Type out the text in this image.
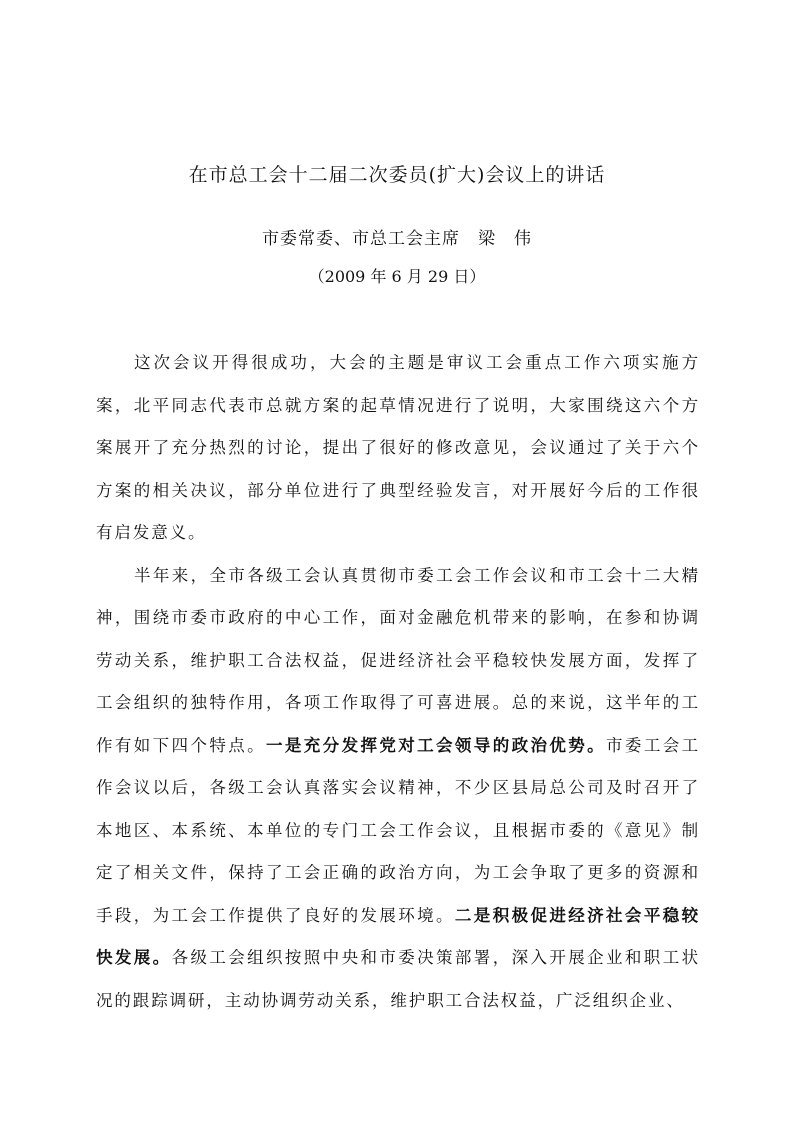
在市总工会十二届二次委员(扩大)会议上的讲话
市委常委、市总工会主席　梁　伟
（2009 年 6 月 29 日）

这次会议开得很成功，大会的主题是审议工会重点工作六项实施方案，北平同志代表市总就方案的起草情况进行了说明，大家围绕这六个方案展开了充分热烈的讨论，提出了很好的修改意见，会议通过了关于六个方案的相关决议，部分单位进行了典型经验发言，对开展好今后的工作很有启发意义。

半年来，全市各级工会认真贯彻市委工会工作会议和市工会十二大精神，围绕市委市政府的中心工作，面对金融危机带来的影响，在参和协调劳动关系，维护职工合法权益，促进经济社会平稳较快发展方面，发挥了工会组织的独特作用，各项工作取得了可喜进展。总的来说，这半年的工作有如下四个特点。一是充分发挥党对工会领导的政治优势。市委工会工作会议以后，各级工会认真落实会议精神，不少区县局总公司及时召开了本地区、本系统、本单位的专门工会工作会议，且根据市委的《意见》制定了相关文件，保持了工会正确的政治方向，为工会争取了更多的资源和手段，为工会工作提供了良好的发展环境。二是积极促进经济社会平稳较快发展。各级工会组织按照中央和市委决策部署，深入开展企业和职工状况的跟踪调研，主动协调劳动关系，维护职工合法权益，广泛组织企业、
